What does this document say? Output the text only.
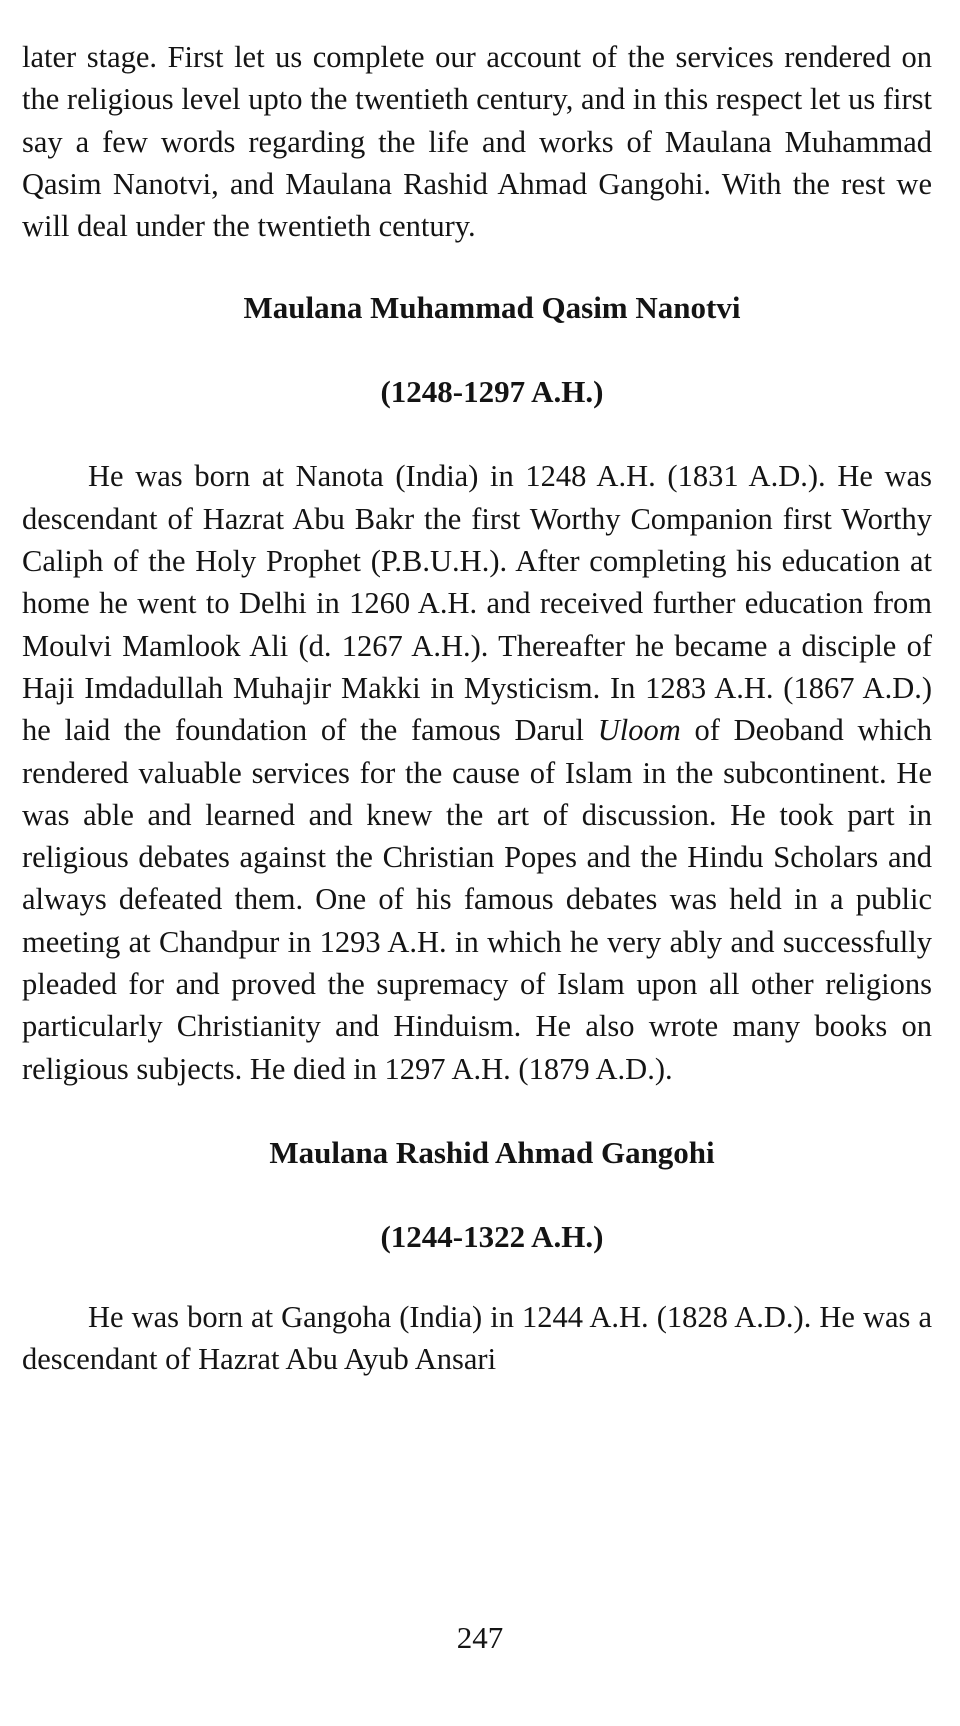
later stage. First let us complete our account of the services rendered on the religious level upto the twentieth century, and in this respect let us first say a few words regarding the life and works of Maulana Muhammad Qasim Nanotvi, and Maulana Rashid Ahmad Gangohi. With the rest we will deal under the twentieth century.

Maulana Muhammad Qasim Nanotvi

(1248-1297 A.H.)

He was born at Nanota (India) in 1248 A.H. (1831 A.D.). He was descendant of Hazrat Abu Bakr the first Worthy Companion first Worthy Caliph of the Holy Prophet (P.B.U.H.). After completing his education at home he went to Delhi in 1260 A.H. and received further education from Moulvi Mamlook Ali (d. 1267 A.H.). Thereafter he became a disciple of Haji Imdadullah Muhajir Makki in Mysticism. In 1283 A.H. (1867 A.D.) he laid the foundation of the famous Darul Uloom of Deoband which rendered valuable services for the cause of Islam in the subcontinent. He was able and learned and knew the art of discussion. He took part in religious debates against the Christian Popes and the Hindu Scholars and always defeated them. One of his famous debates was held in a public meeting at Chandpur in 1293 A.H. in which he very ably and successfully pleaded for and proved the supremacy of Islam upon all other religions particularly Christianity and Hinduism. He also wrote many books on religious subjects. He died in 1297 A.H. (1879 A.D.).

Maulana Rashid Ahmad Gangohi

(1244-1322 A.H.)

He was born at Gangoha (India) in 1244 A.H. (1828 A.D.). He was a descendant of Hazrat Abu Ayub Ansari

247
